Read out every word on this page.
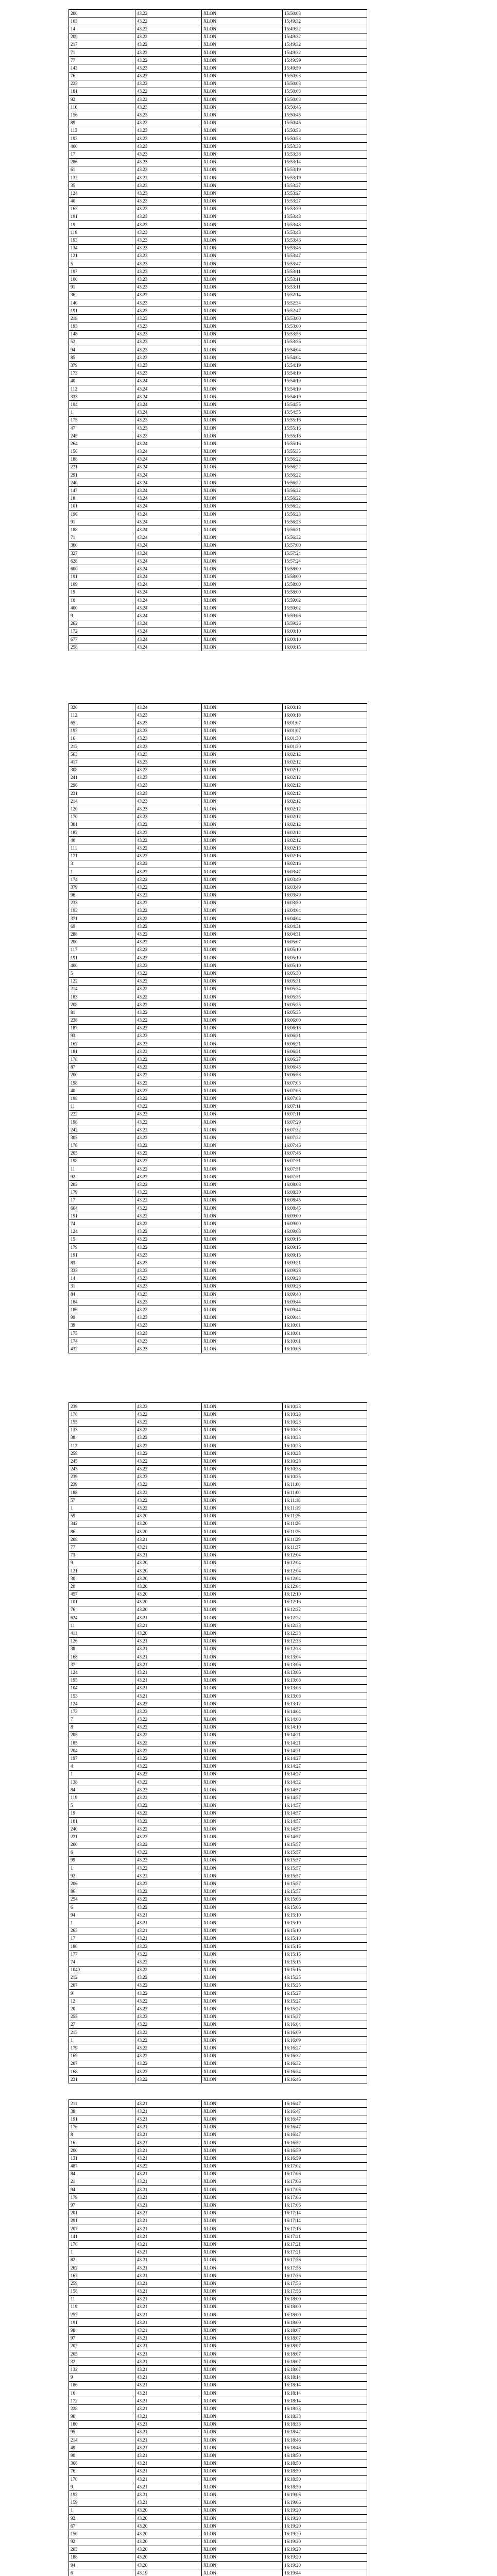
200	43.22	XLON	15:50:03
103	43.22	XLON	15:49:32
14	43.22	XLON	15:49:32
209	43.22	XLON	15:49:32
217	43.22	XLON	15:49:32
71	43.22	XLON	15:49:32
77	43.22	XLON	15:49:59
143	43.23	XLON	15:49:59
76	43.22	XLON	15:50:03
223	43.22	XLON	15:50:03
181	43.22	XLON	15:50:03
92	43.22	XLON	15:50:03
116	43.23	XLON	15:50:45
156	43.23	XLON	15:50:45
89	43.23	XLON	15:50:45
113	43.23	XLON	15:50:53
193	43.23	XLON	15:50:53
400	43.23	XLON	15:53:38
17	43.23	XLON	15:53:38
286	43.23	XLON	15:53:14
61	43.23	XLON	15:53:19
132	43.22	XLON	15:53:19
35	43.23	XLON	15:53:27
124	43.23	XLON	15:53:27
40	43.23	XLON	15:53:27
163	43.23	XLON	15:53:39
191	43.23	XLON	15:53:43
19	43.23	XLON	15:53:43
118	43.23	XLON	15:53:43
193	43.23	XLON	15:53:46
134	43.23	XLON	15:53:46
121	43.23	XLON	15:53:47
5	43.23	XLON	15:53:47
197	43.23	XLON	15:53:11
100	43.23	XLON	15:53:11
91	43.23	XLON	15:53:11
36	43.22	XLON	15:52:14
140	43.23	XLON	15:52:34
191	43.23	XLON	15:52:47
218	43.23	XLON	15:53:00
193	43.23	XLON	15:53:00
148	43.23	XLON	15:53:56
52	43.23	XLON	15:53:56
94	43.23	XLON	15:54:04
85	43.23	XLON	15:54:04
379	43.23	XLON	15:54:19
173	43.23	XLON	15:54:19
40	43.24	XLON	15:54:19
112	43.24	XLON	15:54:19
333	43.24	XLON	15:54:19
194	43.24	XLON	15:54:55
1	43.24	XLON	15:54:55
175	43.23	XLON	15:55:16
47	43.23	XLON	15:55:16
245	43.23	XLON	15:55:16
264	43.24	XLON	15:55:16
156	43.24	XLON	15:55:35
188	43.24	XLON	15:56:22
221	43.24	XLON	15:56:22
291	43.24	XLON	15:56:22
240	43.24	XLON	15:56:22
147	43.24	XLON	15:56:22
18	43.24	XLON	15:56:22
101	43.24	XLON	15:56:22
196	43.24	XLON	15:56:23
91	43.24	XLON	15:56:23
188	43.24	XLON	15:56:31
71	43.24	XLON	15:56:32
360	43.24	XLON	15:57:00
327	43.24	XLON	15:57:24
628	43.24	XLON	15:57:24
600	43.24	XLON	15:58:00
191	43.24	XLON	15:58:00
109	43.24	XLON	15:58:00
19	43.24	XLON	15:58:00
10	43.24	XLON	15:59:02
400	43.24	XLON	15:59:02
9	43.24	XLON	15:59:06
262	43.24	XLON	15:59:26
172	43.24	XLON	16:00:10
677	43.24	XLON	16:00:10
258	43.24	XLON	16:00:15
320	43.24	XLON	16:00:18
112	43.23	XLON	16:00:18
65	43.23	XLON	16:01:07
193	43.23	XLON	16:01:07
16	43.23	XLON	16:01:30
212	43.23	XLON	16:01:30
563	43.23	XLON	16:02:12
417	43.23	XLON	16:02:12
308	43.23	XLON	16:02:12
241	43.23	XLON	16:02:12
296	43.23	XLON	16:02:12
231	43.23	XLON	16:02:12
214	43.23	XLON	16:02:12
120	43.23	XLON	16:02:12
170	43.23	XLON	16:02:12
301	43.22	XLON	16:02:12
182	43.22	XLON	16:02:12
40	43.22	XLON	16:02:12
111	43.22	XLON	16:02:13
171	43.22	XLON	16:02:16
3	43.22	XLON	16:02:16
1	43.22	XLON	16:03:47
174	43.22	XLON	16:03:49
379	43.22	XLON	16:03:49
96	43.22	XLON	16:03:49
233	43.22	XLON	16:03:50
193	43.22	XLON	16:04:04
371	43.22	XLON	16:04:04
69	43.22	XLON	16:04:31
288	43.22	XLON	16:04:31
200	43.22	XLON	16:05:07
117	43.22	XLON	16:05:10
191	43.22	XLON	16:05:10
400	43.22	XLON	16:05:10
5	43.22	XLON	16:05:30
122	43.22	XLON	16:05:31
214	43.22	XLON	16:05:34
183	43.22	XLON	16:05:35
208	43.22	XLON	16:05:35
81	43.22	XLON	16:05:35
238	43.22	XLON	16:06:00
187	43.22	XLON	16:06:18
93	43.22	XLON	16:06:21
162	43.22	XLON	16:06:21
181	43.22	XLON	16:06:21
178	43.22	XLON	16:06:27
87	43.22	XLON	16:06:45
200	43.22	XLON	16:06:53
198	43.22	XLON	16:07:03
40	43.22	XLON	16:07:03
198	43.22	XLON	16:07:03
11	43.22	XLON	16:07:11
222	43.22	XLON	16:07:11
198	43.22	XLON	16:07:29
242	43.22	XLON	16:07:32
305	43.22	XLON	16:07:32
178	43.22	XLON	16:07:46
205	43.22	XLON	16:07:46
198	43.22	XLON	16:07:51
11	43.22	XLON	16:07:51
92	43.22	XLON	16:07:51
202	43.22	XLON	16:08:08
179	43.22	XLON	16:08:30
17	43.22	XLON	16:08:45
664	43.22	XLON	16:08:45
191	43.22	XLON	16:09:00
74	43.22	XLON	16:09:00
124	43.22	XLON	16:09:08
15	43.22	XLON	16:09:15
179	43.22	XLON	16:09:15
191	43.23	XLON	16:09:15
83	43.23	XLON	16:09:21
333	43.23	XLON	16:09:28
14	43.23	XLON	16:09:28
31	43.23	XLON	16:09:28
84	43.23	XLON	16:09:40
184	43.23	XLON	16:09:44
186	43.23	XLON	16:09:44
99	43.23	XLON	16:09:44
39	43.23	XLON	16:10:01
175	43.23	XLON	16:10:01
174	43.23	XLON	16:10:01
432	43.23	XLON	16:10:06
239	43.22	XLON	16:10:23
176	43.22	XLON	16:10:23
155	43.22	XLON	16:10:23
133	43.22	XLON	16:10:23
38	43.22	XLON	16:10:23
112	43.22	XLON	16:10:23
258	43.22	XLON	16:10:23
245	43.22	XLON	16:10:23
243	43.22	XLON	16:10:33
239	43.22	XLON	16:10:35
239	43.22	XLON	16:11:00
188	43.22	XLON	16:11:00
57	43.22	XLON	16:11:18
1	43.22	XLON	16:11:19
59	43.20	XLON	16:11:26
342	43.20	XLON	16:11:26
86	43.20	XLON	16:11:26
208	43.21	XLON	16:11:29
77	43.21	XLON	16:11:37
73	43.21	XLON	16:12:04
9	43.20	XLON	16:12:04
121	43.20	XLON	16:12:04
30	43.20	XLON	16:12:04
20	43.20	XLON	16:12:04
457	43.20	XLON	16:12:10
101	43.20	XLON	16:12:16
76	43.20	XLON	16:12:22
624	43.21	XLON	16:12:22
11	43.21	XLON	16:12:33
411	43.20	XLON	16:12:33
126	43.21	XLON	16:12:33
38	43.21	XLON	16:12:33
168	43.21	XLON	16:13:04
37	43.21	XLON	16:13:06
124	43.21	XLON	16:13:06
195	43.21	XLON	16:13:08
104	43.21	XLON	16:13:08
153	43.21	XLON	16:13:08
124	43.22	XLON	16:13:12
173	43.22	XLON	16:14:04
7	43.22	XLON	16:14:08
8	43.22	XLON	16:14:10
205	43.22	XLON	16:14:21
185	43.22	XLON	16:14:21
204	43.22	XLON	16:14:21
197	43.22	XLON	16:14:27
4	43.22	XLON	16:14:27
1	43.22	XLON	16:14:27
138	43.22	XLON	16:14:32
84	43.22	XLON	16:14:57
119	43.22	XLON	16:14:57
5	43.22	XLON	16:14:57
19	43.22	XLON	16:14:57
101	43.22	XLON	16:14:57
240	43.22	XLON	16:14:57
221	43.22	XLON	16:14:57
200	43.22	XLON	16:15:57
6	43.22	XLON	16:15:57
99	43.22	XLON	16:15:57
1	43.22	XLON	16:15:57
92	43.22	XLON	16:15:57
206	43.22	XLON	16:15:57
86	43.22	XLON	16:15:57
254	43.22	XLON	16:15:06
6	43.22	XLON	16:15:06
94	43.21	XLON	16:15:10
1	43.21	XLON	16:15:10
263	43.21	XLON	16:15:10
17	43.21	XLON	16:15:10
180	43.22	XLON	16:15:15
177	43.22	XLON	16:15:15
74	43.22	XLON	16:15:15
1040	43.22	XLON	16:15:15
212	43.22	XLON	16:15:25
207	43.22	XLON	16:15:25
9	43.22	XLON	16:15:27
12	43.22	XLON	16:15:27
20	43.22	XLON	16:15:27
255	43.22	XLON	16:15:27
27	43.22	XLON	16:16:04
213	43.22	XLON	16:16:09
1	43.22	XLON	16:16:09
179	43.22	XLON	16:16:27
169	43.22	XLON	16:16:32
207	43.22	XLON	16:16:32
168	43.22	XLON	16:16:34
231	43.22	XLON	16:16:46
211	43.21	XLON	16:16:47
38	43.21	XLON	16:16:47
191	43.21	XLON	16:16:47
176	43.21	XLON	16:16:47
8	43.21	XLON	16:16:47
16	43.21	XLON	16:16:52
200	43.21	XLON	16:16:59
131	43.21	XLON	16:16:59
487	43.22	XLON	16:17:02
84	43.21	XLON	16:17:06
21	43.21	XLON	16:17:06
94	43.21	XLON	16:17:06
179	43.21	XLON	16:17:06
97	43.21	XLON	16:17:06
201	43.21	XLON	16:17:14
291	43.21	XLON	16:17:14
207	43.21	XLON	16:17:16
141	43.21	XLON	16:17:21
176	43.21	XLON	16:17:21
1	43.21	XLON	16:17:21
82	43.21	XLON	16:17:56
262	43.21	XLON	16:17:56
167	43.21	XLON	16:17:56
259	43.21	XLON	16:17:56
158	43.21	XLON	16:17:56
11	43.21	XLON	16:18:00
119	43.21	XLON	16:18:00
252	43.21	XLON	16:18:00
191	43.21	XLON	16:18:00
98	43.21	XLON	16:18:07
97	43.21	XLON	16:18:07
202	43.21	XLON	16:18:07
205	43.21	XLON	16:18:07
32	43.21	XLON	16:18:07
132	43.21	XLON	16:18:07
9	43.21	XLON	16:18:14
186	43.21	XLON	16:18:14
16	43.21	XLON	16:18:14
172	43.21	XLON	16:18:14
228	43.21	XLON	16:18:33
96	43.21	XLON	16:18:33
180	43.21	XLON	16:18:33
95	43.21	XLON	16:18:42
214	43.21	XLON	16:18:46
49	43.21	XLON	16:18:46
90	43.21	XLON	16:18:50
368	43.21	XLON	16:18:50
76	43.21	XLON	16:18:50
170	43.21	XLON	16:18:50
9	43.21	XLON	16:18:50
192	43.21	XLON	16:19:06
159	43.21	XLON	16:19:06
1	43.20	XLON	16:19:20
92	43.20	XLON	16:19:20
67	43.20	XLON	16:19:20
150	43.20	XLON	16:19:20
92	43.20	XLON	16:19:20
203	43.20	XLON	16:19:20
188	43.20	XLON	16:19:20
94	43.20	XLON	16:19:20
6	43.19	XLON	16:19:44
